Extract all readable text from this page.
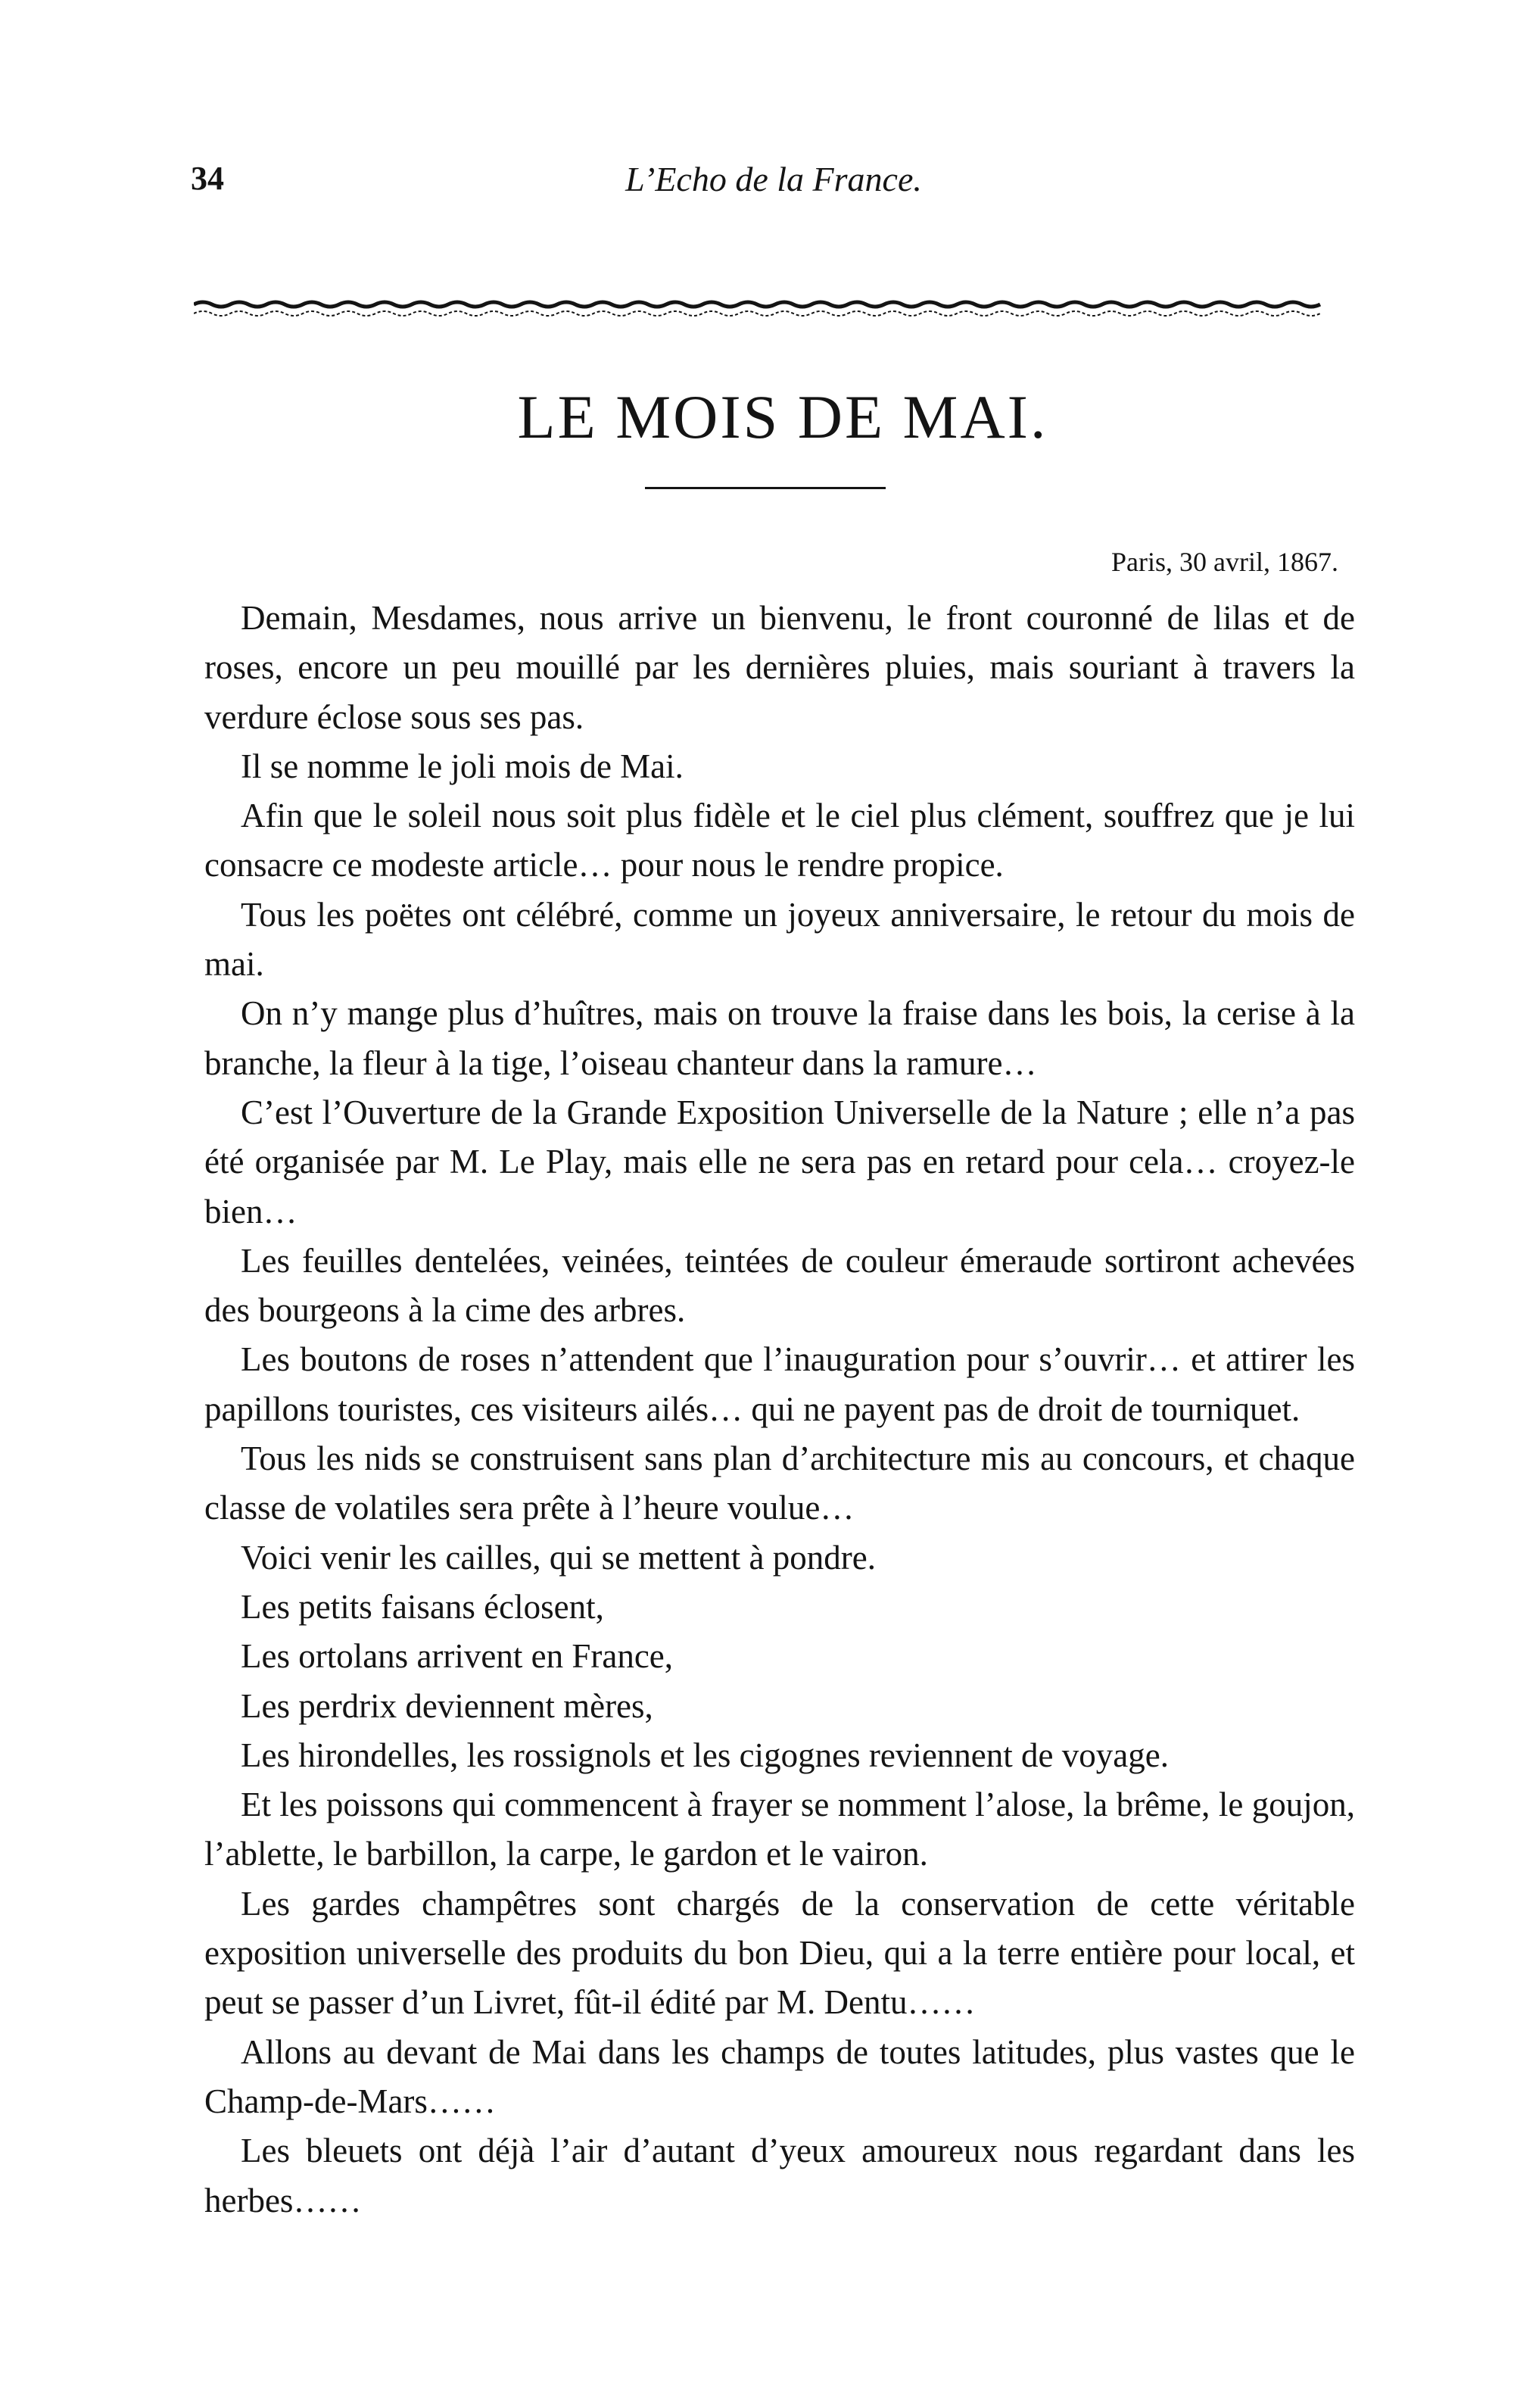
34	L’Echo de la France.
LE MOIS DE MAI.
Paris, 30 avril, 1867.

Demain, Mesdames, nous arrive un bienvenu, le front couronné de lilas et de roses, encore un peu mouillé par les dernières pluies, mais souriant à travers la verdure éclose sous ses pas.

Il se nomme le joli mois de Mai.

Afin que le soleil nous soit plus fidèle et le ciel plus clément, souffrez que je lui consacre ce modeste article… pour nous le rendre propice.

Tous les poëtes ont célébré, comme un joyeux anniversaire, le retour du mois de mai.

On n’y mange plus d’huîtres, mais on trouve la fraise dans les bois, la cerise à la branche, la fleur à la tige, l’oiseau chanteur dans la ramure…

C’est l’Ouverture de la Grande Exposition Universelle de la Nature ; elle n’a pas été organisée par M. Le Play, mais elle ne sera pas en retard pour cela… croyez-le bien…

Les feuilles dentelées, veinées, teintées de couleur émeraude sortiront achevées des bourgeons à la cime des arbres.

Les boutons de roses n’attendent que l’inauguration pour s’ouvrir… et attirer les papillons touristes, ces visiteurs ailés… qui ne payent pas de droit de tourniquet.

Tous les nids se construisent sans plan d’architecture mis au concours, et chaque classe de volatiles sera prête à l’heure voulue…

Voici venir les cailles, qui se mettent à pondre.

Les petits faisans éclosent,

Les ortolans arrivent en France,

Les perdrix deviennent mères,

Les hirondelles, les rossignols et les cigognes reviennent de voyage.

Et les poissons qui commencent à frayer se nomment l’alose, la brême, le goujon, l’ablette, le barbillon, la carpe, le gardon et le vairon.

Les gardes champêtres sont chargés de la conservation de cette véritable exposition universelle des produits du bon Dieu, qui a la terre entière pour local, et peut se passer d’un Livret, fût-il édité par M. Dentu……

Allons au devant de Mai dans les champs de toutes latitudes, plus vastes que le Champ-de-Mars……

Les bleuets ont déjà l’air d’autant d’yeux amoureux nous regardant dans les herbes……
